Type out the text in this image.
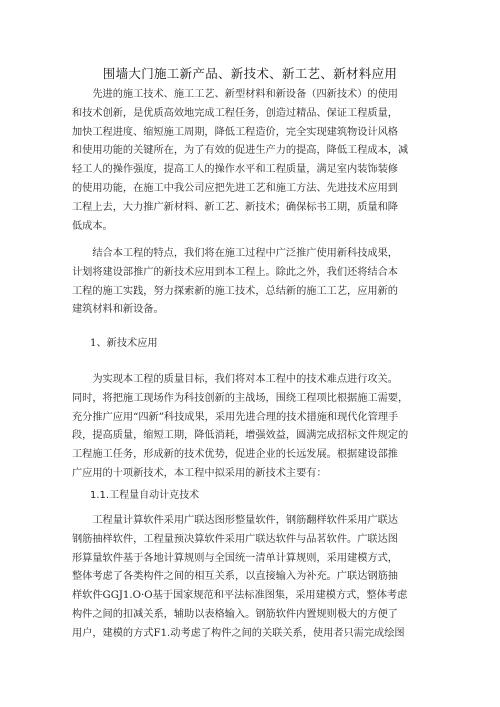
围墙大门施工新产品、新技术、新工艺、新材料应用
　　先进的施工技术、施工工艺、新型材料和新设备（四新技术）的使用
和技术创新，是优质高效地完成工程任务，创造过精品、保证工程质量，
加快工程进度、缩短施工周期，降低工程造价，完全实现建筑物设计风格
和使用功能的关键所在，为了有效的促进生产力的提高，降低工程成本，减
轻工人的操作强度，提高工人的操作水平和工程质量，满足室内装饰装修
的使用功能，在施工中我公司应把先进工艺和施工方法、先进技术应用到
工程上去，大力推广新材料、新工艺、新技术；确保标书工期，质量和降
低成本。
　　结合本工程的特点，我们将在施工过程中广泛推广使用新科技成果，
计划将建设部推广的新技术应用到本工程上。除此之外，我们还将结合本
工程的施工实践，努力探索新的施工技术，总结新的施工工艺，应用新的
建筑材料和新设备。
1、新技术应用
　　为实现本工程的质量目标，我们将对本工程中的技术难点进行攻关。
同时，将把施工现场作为科技创新的主战场，围绕工程项比根据施工需要，
充分推广应用“四新”科技成果，采用先进合理的技术措施和现代化管理手
段，提高质量，缩短工期，降低消耗，增强效益，圆满完成招标文件规定的
工程施工任务，形成新的技术优势，促进企业的长远发展。根据建设部推
广应用的十项新技术，本工程中拟采用的新技术主要有：
1.1.工程量自动计克技术
　　工程量计算软件采用广联达图形整量软件，钢筋翻样软件采用广联达
钢筋抽样软件，工程量预决算软件采用广联达软件与品茗软件。广联达图
形算量软件基于各地计算规则与全国统一清单计算规则，采用建模方式，
整体考虑了各类构件之间的相互关系，以直接输入为补充。广联达钢筋抽
样软件GGJ1.O·O基于国家规范和平法标准图集，采用建模方式，整体考虑
构件之间的扣减关系，辅助以表格输入。钢筋软件内置规则极大的方便了
用户，建模的方式F1.动考虑了构件之间的关联关系，使用者只需完成绘图
